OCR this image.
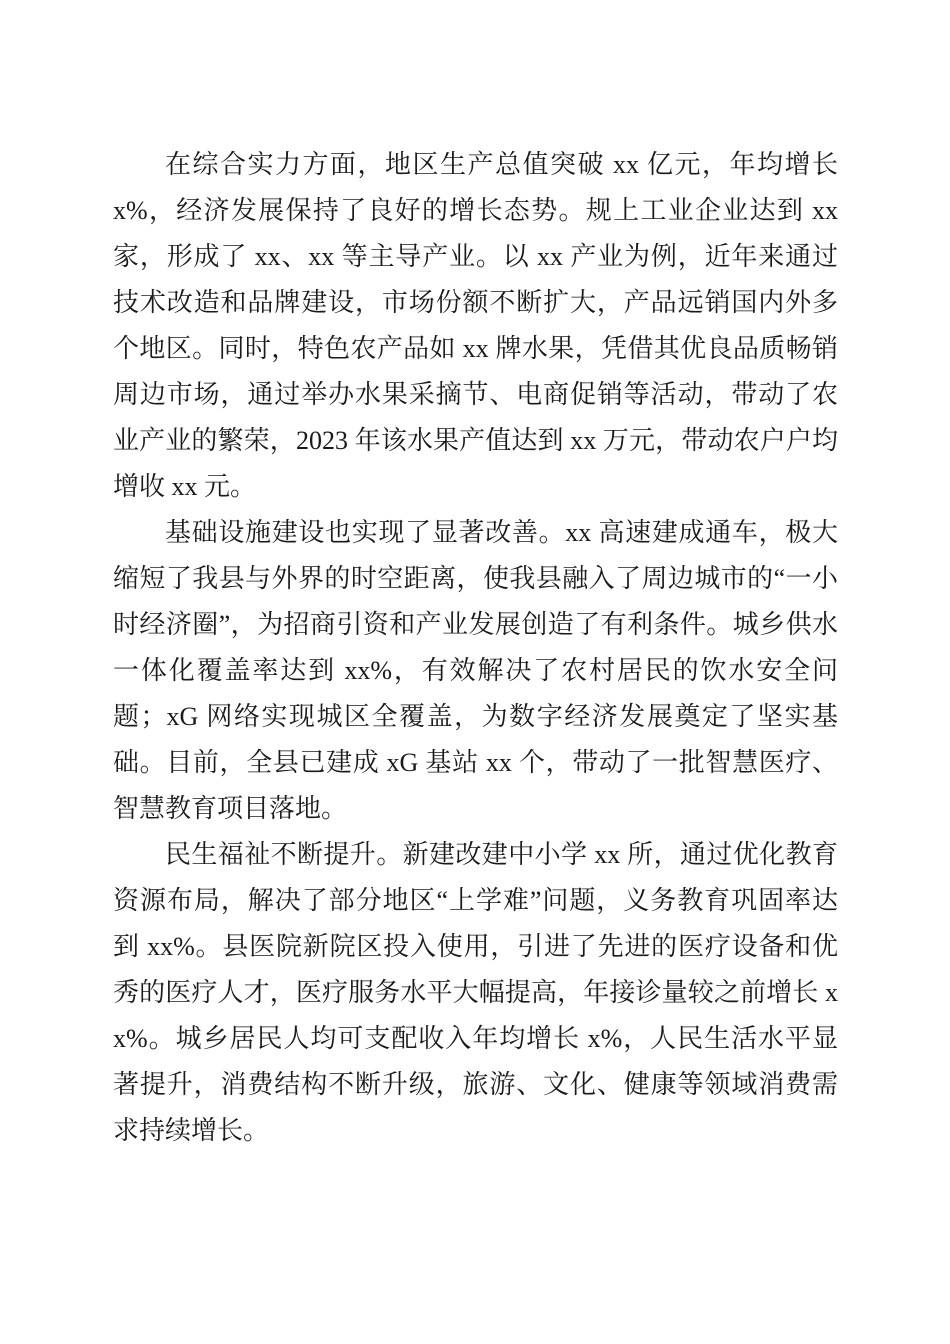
在综合实力方面，地区生产总值突破 xx 亿元，年均增长 x%，经济发展保持了良好的增长态势。规上工业企业达到 xx 家，形成了 xx、xx 等主导产业。以 xx 产业为例，近年来通过技术改造和品牌建设，市场份额不断扩大，产品远销国内外多个地区。同时，特色农产品如 xx 牌水果，凭借其优良品质畅销周边市场，通过举办水果采摘节、电商促销等活动，带动了农业产业的繁荣，2023 年该水果产值达到 xx 万元，带动农户户均增收 xx 元。

基础设施建设也实现了显著改善。xx 高速建成通车，极大缩短了我县与外界的时空距离，使我县融入了周边城市的“一小时经济圈”，为招商引资和产业发展创造了有利条件。城乡供水一体化覆盖率达到 xx%，有效解决了农村居民的饮水安全问题；xG 网络实现城区全覆盖，为数字经济发展奠定了坚实基础。目前，全县已建成 xG 基站 xx 个，带动了一批智慧医疗、智慧教育项目落地。

民生福祉不断提升。新建改建中小学 xx 所，通过优化教育资源布局，解决了部分地区“上学难”问题，义务教育巩固率达到 xx%。县医院新院区投入使用，引进了先进的医疗设备和优秀的医疗人才，医疗服务水平大幅提高，年接诊量较之前增长 xx%。城乡居民人均可支配收入年均增长 x%，人民生活水平显著提升，消费结构不断升级，旅游、文化、健康等领域消费需求持续增长。
